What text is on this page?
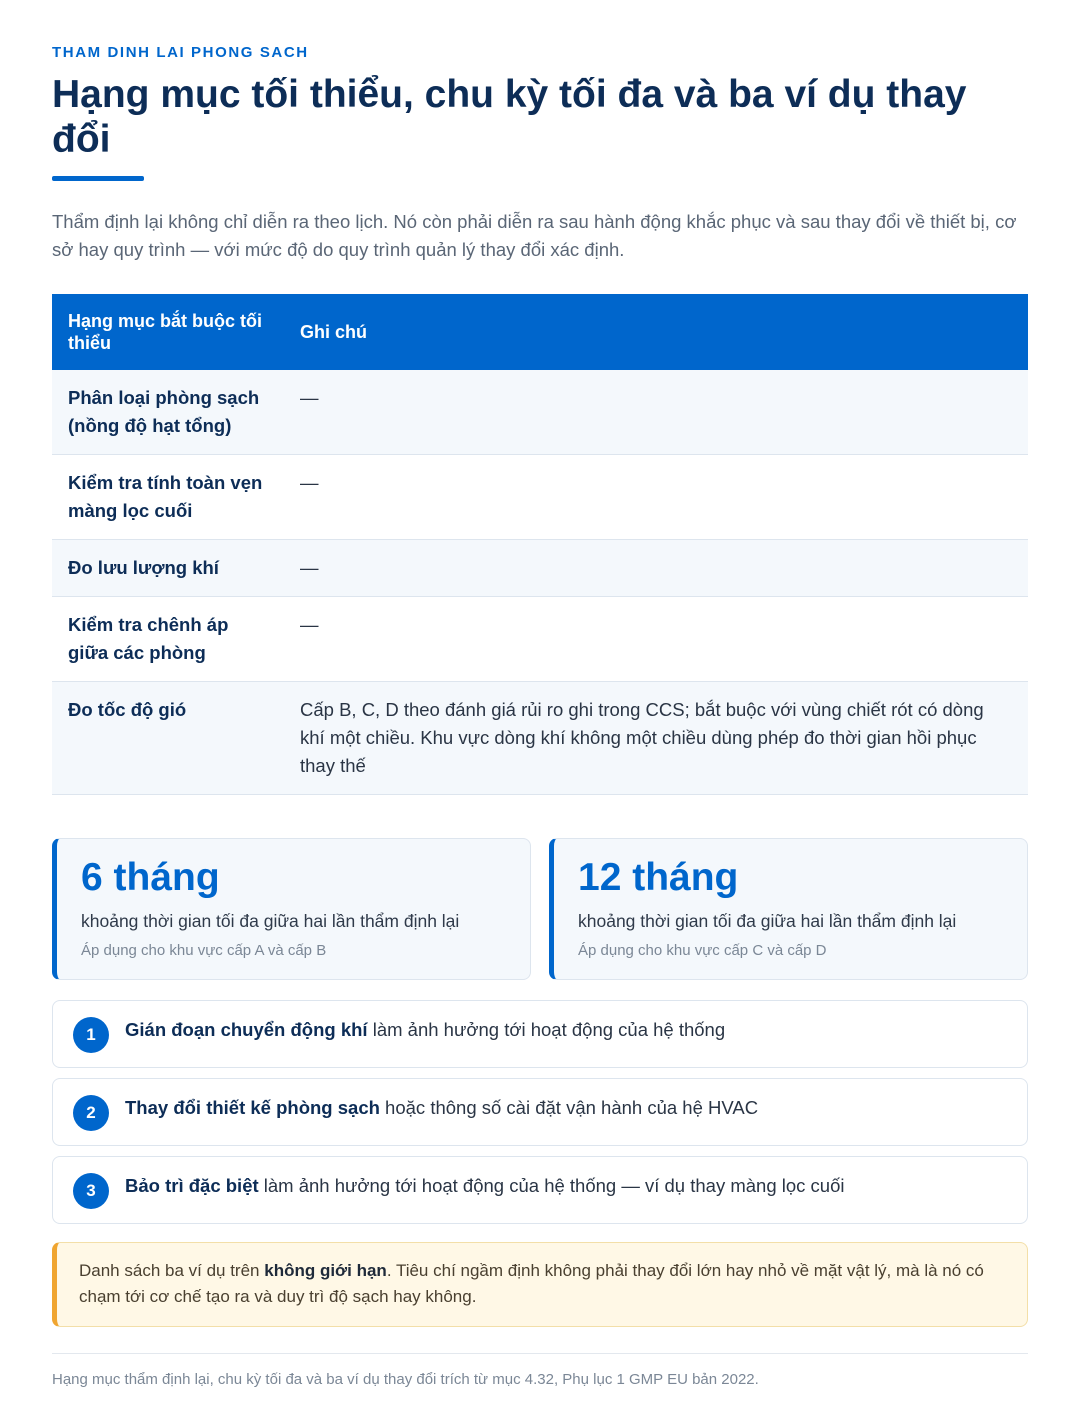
THAM DINH LAI PHONG SACH
Hạng mục tối thiểu, chu kỳ tối đa và ba ví dụ thay đổi

Thẩm định lại không chỉ diễn ra theo lịch. Nó còn phải diễn ra sau hành động khắc phục và sau thay đổi về thiết bị, cơ sở hay quy trình — với mức độ do quy trình quản lý thay đổi xác định.

Hạng mục bắt buộc tối thiểu	Ghi chú
Phân loại phòng sạch (nồng độ hạt tổng)	—
Kiểm tra tính toàn vẹn màng lọc cuối	—
Đo lưu lượng khí	—
Kiểm tra chênh áp giữa các phòng	—
Đo tốc độ gió	Cấp B, C, D theo đánh giá rủi ro ghi trong CCS; bắt buộc với vùng chiết rót có dòng khí một chiều. Khu vực dòng khí không một chiều dùng phép đo thời gian hồi phục thay thế
6 tháng
khoảng thời gian tối đa giữa hai lần thẩm định lại
Áp dụng cho khu vực cấp A và cấp B
12 tháng
khoảng thời gian tối đa giữa hai lần thẩm định lại
Áp dụng cho khu vực cấp C và cấp D
1	Gián đoạn chuyển động khí làm ảnh hưởng tới hoạt động của hệ thống
2	Thay đổi thiết kế phòng sạch hoặc thông số cài đặt vận hành của hệ HVAC
3	Bảo trì đặc biệt làm ảnh hưởng tới hoạt động của hệ thống — ví dụ thay màng lọc cuối
Danh sách ba ví dụ trên không giới hạn. Tiêu chí ngầm định không phải thay đổi lớn hay nhỏ về mặt vật lý, mà là nó có chạm tới cơ chế tạo ra và duy trì độ sạch hay không.
Hạng mục thẩm định lại, chu kỳ tối đa và ba ví dụ thay đổi trích từ mục 4.32, Phụ lục 1 GMP EU bản 2022.
